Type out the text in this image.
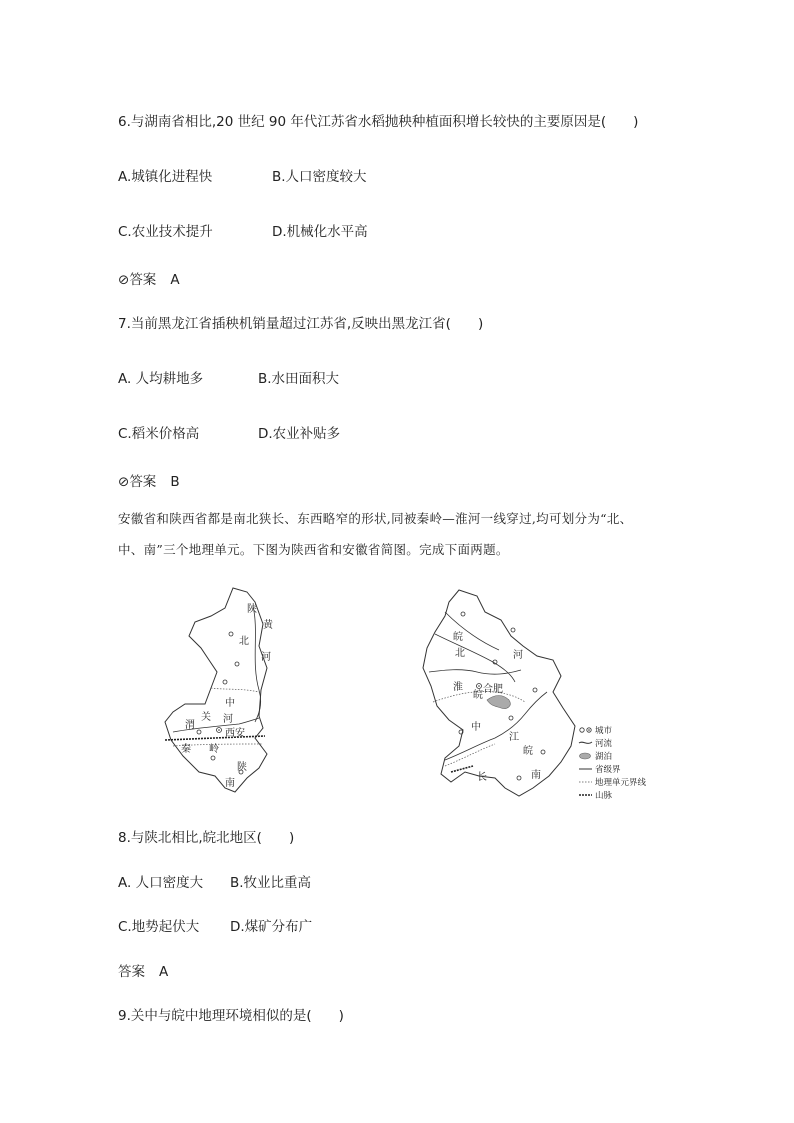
6.与湖南省相比,20 世纪 90 年代江苏省水稻抛秧种植面积增长较快的主要原因是(　　)
A.城镇化进程快	B.人口密度较大
C.农业技术提升	D.机械化水平高
⊘答案 A
7.当前黑龙江省插秧机销量超过江苏省,反映出黑龙江省(　　)
A. 人均耕地多	B.水田面积大
C.稻米价格高	D.农业补贴多
⊘答案 B
安徽省和陕西省都是南北狭长、东西略窄的形状,同被秦岭—淮河一线穿过,均可划分为“北、
中、南”三个地理单元。下图为陕西省和安徽省简图。完成下面两题。
陕
黄
北
河
中
关
渭
河
西安
秦 岭
陕
南
皖
北
淮
河
皖
合肥
中
江
长
皖
南
城市
河流
湖泊
省级界
地理单元界线
山脉
8.与陕北相比,皖北地区(　　)
A. 人口密度大 B.牧业比重高
C.地势起伏大 D.煤矿分布广
答案 A
9.关中与皖中地理环境相似的是(　　)
